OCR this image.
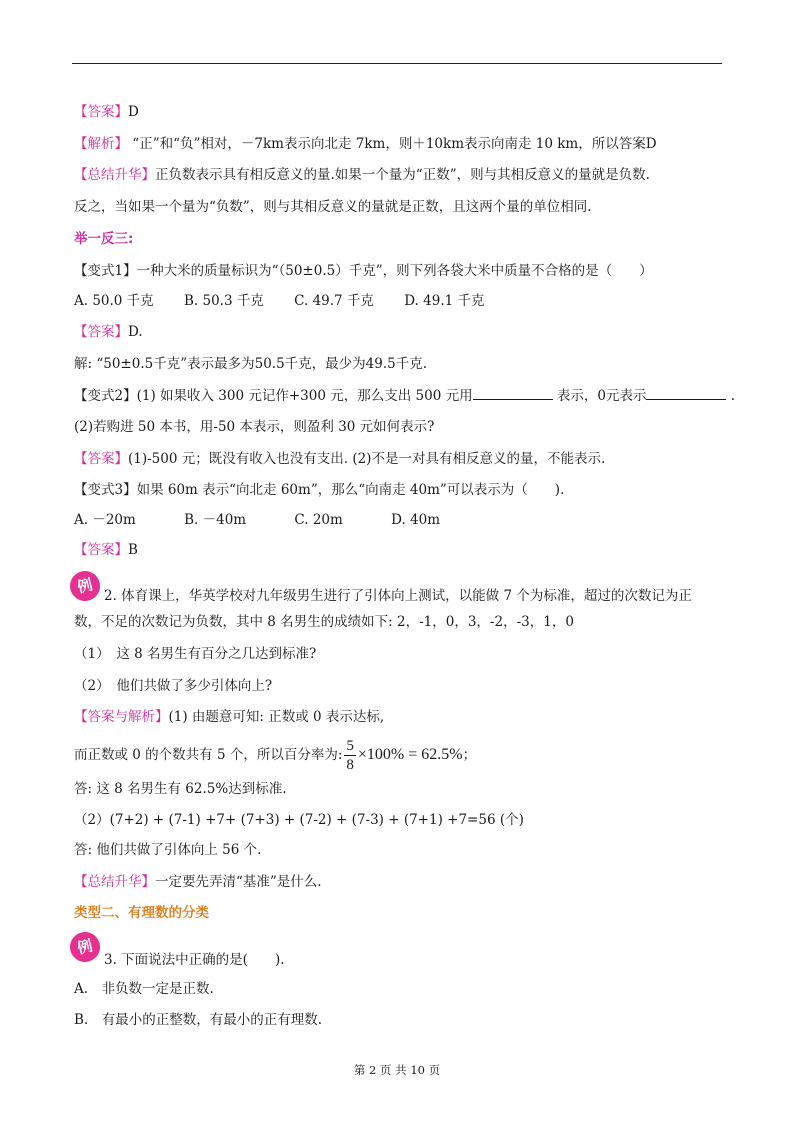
【答案】D
【解析】 “正”和“负”相对，－7km表示向北走 7km，则＋10km表示向南走 10 km，所以答案D
【总结升华】正负数表示具有相反意义的量.如果一个量为“正数”，则与其相反意义的量就是负数.
反之，当如果一个量为“负数”，则与其相反意义的量就是正数，且这两个量的单位相同.
举一反三:
【变式1】一种大米的质量标识为“（50±0.5）千克”，则下列各袋大米中质量不合格的是（　　）
A. 50.0 千克 B. 50.3 千克 C. 49.7 千克 D. 49.1 千克
【答案】D.
解: “50±0.5千克”表示最多为50.5千克，最少为49.5千克.
【变式2】(1) 如果收入 300 元记作+300 元，那么支出 500 元用	表示，0元表示	.
(2)若购进 50 本书，用-50 本表示，则盈利 30 元如何表示?
【答案】(1)-500 元；既没有收入也没有支出. (2)不是一对具有相反意义的量，不能表示.
【变式3】如果 60m 表示“向北走 60m”，那么“向南走 40m”可以表示为（　　).
A. －20m	B. －40m	C. 20m	D. 40m
【答案】B
例 2. 体育课上，华英学校对九年级男生进行了引体向上测试，以能做 7 个为标准，超过的次数记为正
数，不足的次数记为负数，其中 8 名男生的成绩如下: 2，-1，0，3，-2，-3，1，0
（1）　这 8 名男生有百分之几达到标准?
（2）　他们共做了多少引体向上?
【答案与解析】(1) 由题意可知: 正数或 0 表示达标,
而正数或 0 的个数共有 5 个，所以百分率为: $\frac{5}{8} \times 100\% = 62.5\%$；
答: 这 8 名男生有 62.5%达到标准.
（2）(7+2) + (7-1) +7+ (7+3) + (7-2) + (7-3) + (7+1) +7=56 (个)
答: 他们共做了引体向上 56 个.
【总结升华】一定要先弄清“基准”是什么.
类型二、有理数的分类
例
3. 下面说法中正确的是(　　).
A.　非负数一定是正数.
B.　有最小的正整数，有最小的正有理数.
第 2 页 共 10 页
